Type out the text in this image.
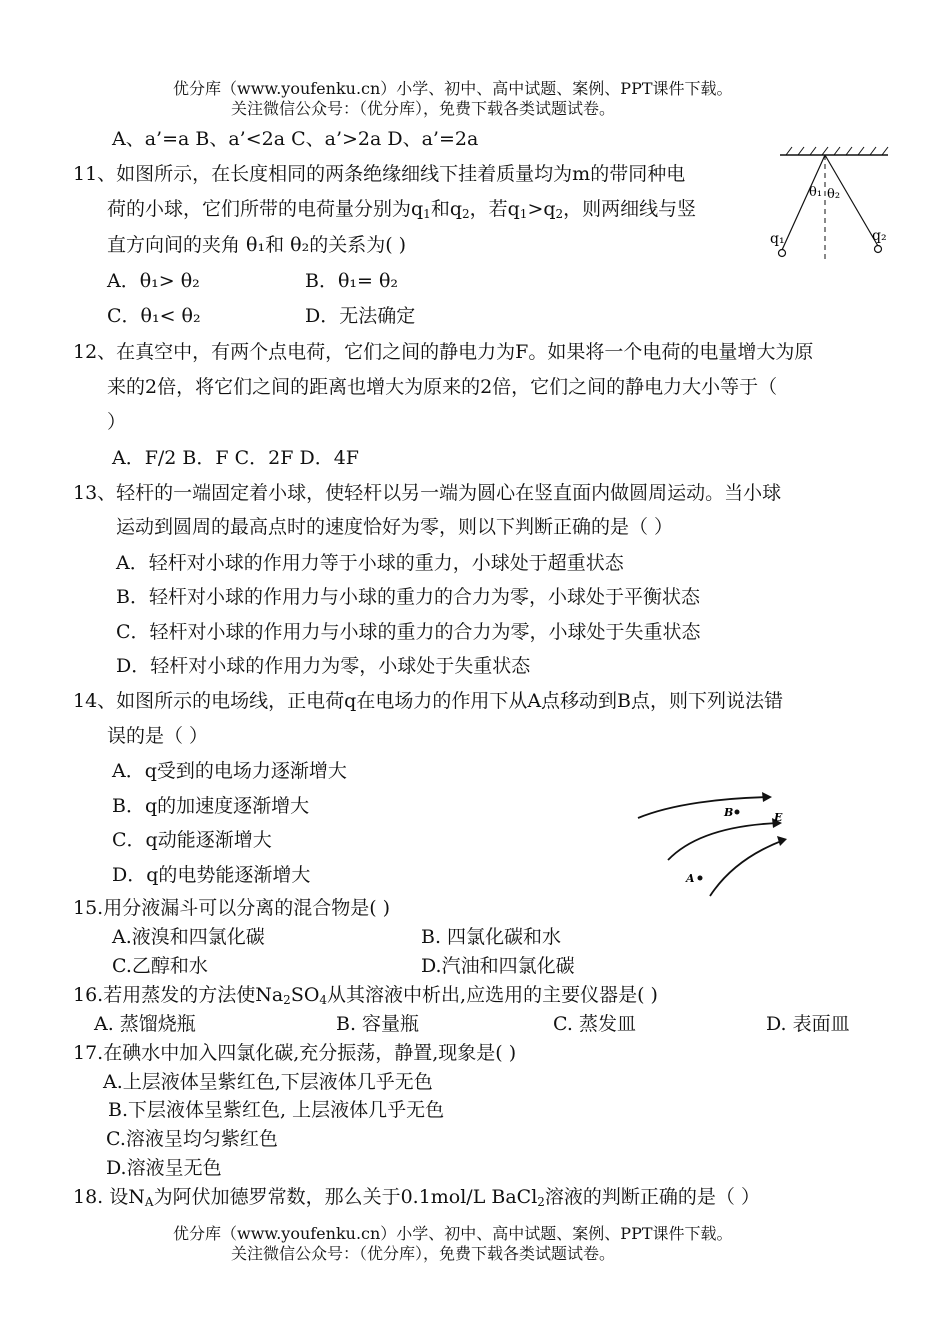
优分库（www.youfenku.cn）小学、初中、高中试题、案例、PPT课件下载。
关注微信公众号：（优分库），免费下载各类试题试卷。
A、a’=a B、a’<2a C、a’>2a D、a’=2a
11、如图所示，在长度相同的两条绝缘细线下挂着质量均为m的带同种电
荷的小球，它们所带的电荷量分别为$q_1$和$q_2$，若$q_1>q_2$，则两细线与竖
直方向间的夹角 θ₁和 θ₂的关系为( )
A．θ₁> θ₂	B．θ₁= θ₂
C．θ₁< θ₂	D．无法确定
θ₁ θ₂
q₁	q₂
12、在真空中，有两个点电荷，它们之间的静电力为F。如果将一个电荷的电量增大为原
来的2倍，将它们之间的距离也增大为原来的2倍，它们之间的静电力大小等于（
）
A．F/2 B．F C．2F D．4F
13、轻杆的一端固定着小球，使轻杆以另一端为圆心在竖直面内做圆周运动。当小球
运动到圆周的最高点时的速度恰好为零，则以下判断正确的是（ ）
A．轻杆对小球的作用力等于小球的重力，小球处于超重状态
B．轻杆对小球的作用力与小球的重力的合力为零，小球处于平衡状态
C．轻杆对小球的作用力与小球的重力的合力为零，小球处于失重状态
D．轻杆对小球的作用力为零，小球处于失重状态
14、如图所示的电场线，正电荷q在电场力的作用下从A点移动到B点，则下列说法错
误的是（ ）
A．q受到的电场力逐渐增大
B．q的加速度逐渐增大
C．q动能逐渐增大
D．q的电势能逐渐增大
B	E
A
15.用分液漏斗可以分离的混合物是( )
A.液溴和四氯化碳	B. 四氯化碳和水
C.乙醇和水	D.汽油和四氯化碳
16.若用蒸发的方法使$Na_2SO_4$从其溶液中析出,应选用的主要仪器是( )
A. 蒸馏烧瓶	B. 容量瓶	C. 蒸发皿	D. 表面皿
17.在碘水中加入四氯化碳,充分振荡，静置,现象是( )
A.上层液体呈紫红色,下层液体几乎无色
B.下层液体呈紫红色, 上层液体几乎无色
C.溶液呈均匀紫红色
D.溶液呈无色
18. 设$N_A$为阿伏加德罗常数，那么关于0.1mol/L BaCl$_2$溶液的判断正确的是（ ）
优分库（www.youfenku.cn）小学、初中、高中试题、案例、PPT课件下载。
关注微信公众号：（优分库），免费下载各类试题试卷。
